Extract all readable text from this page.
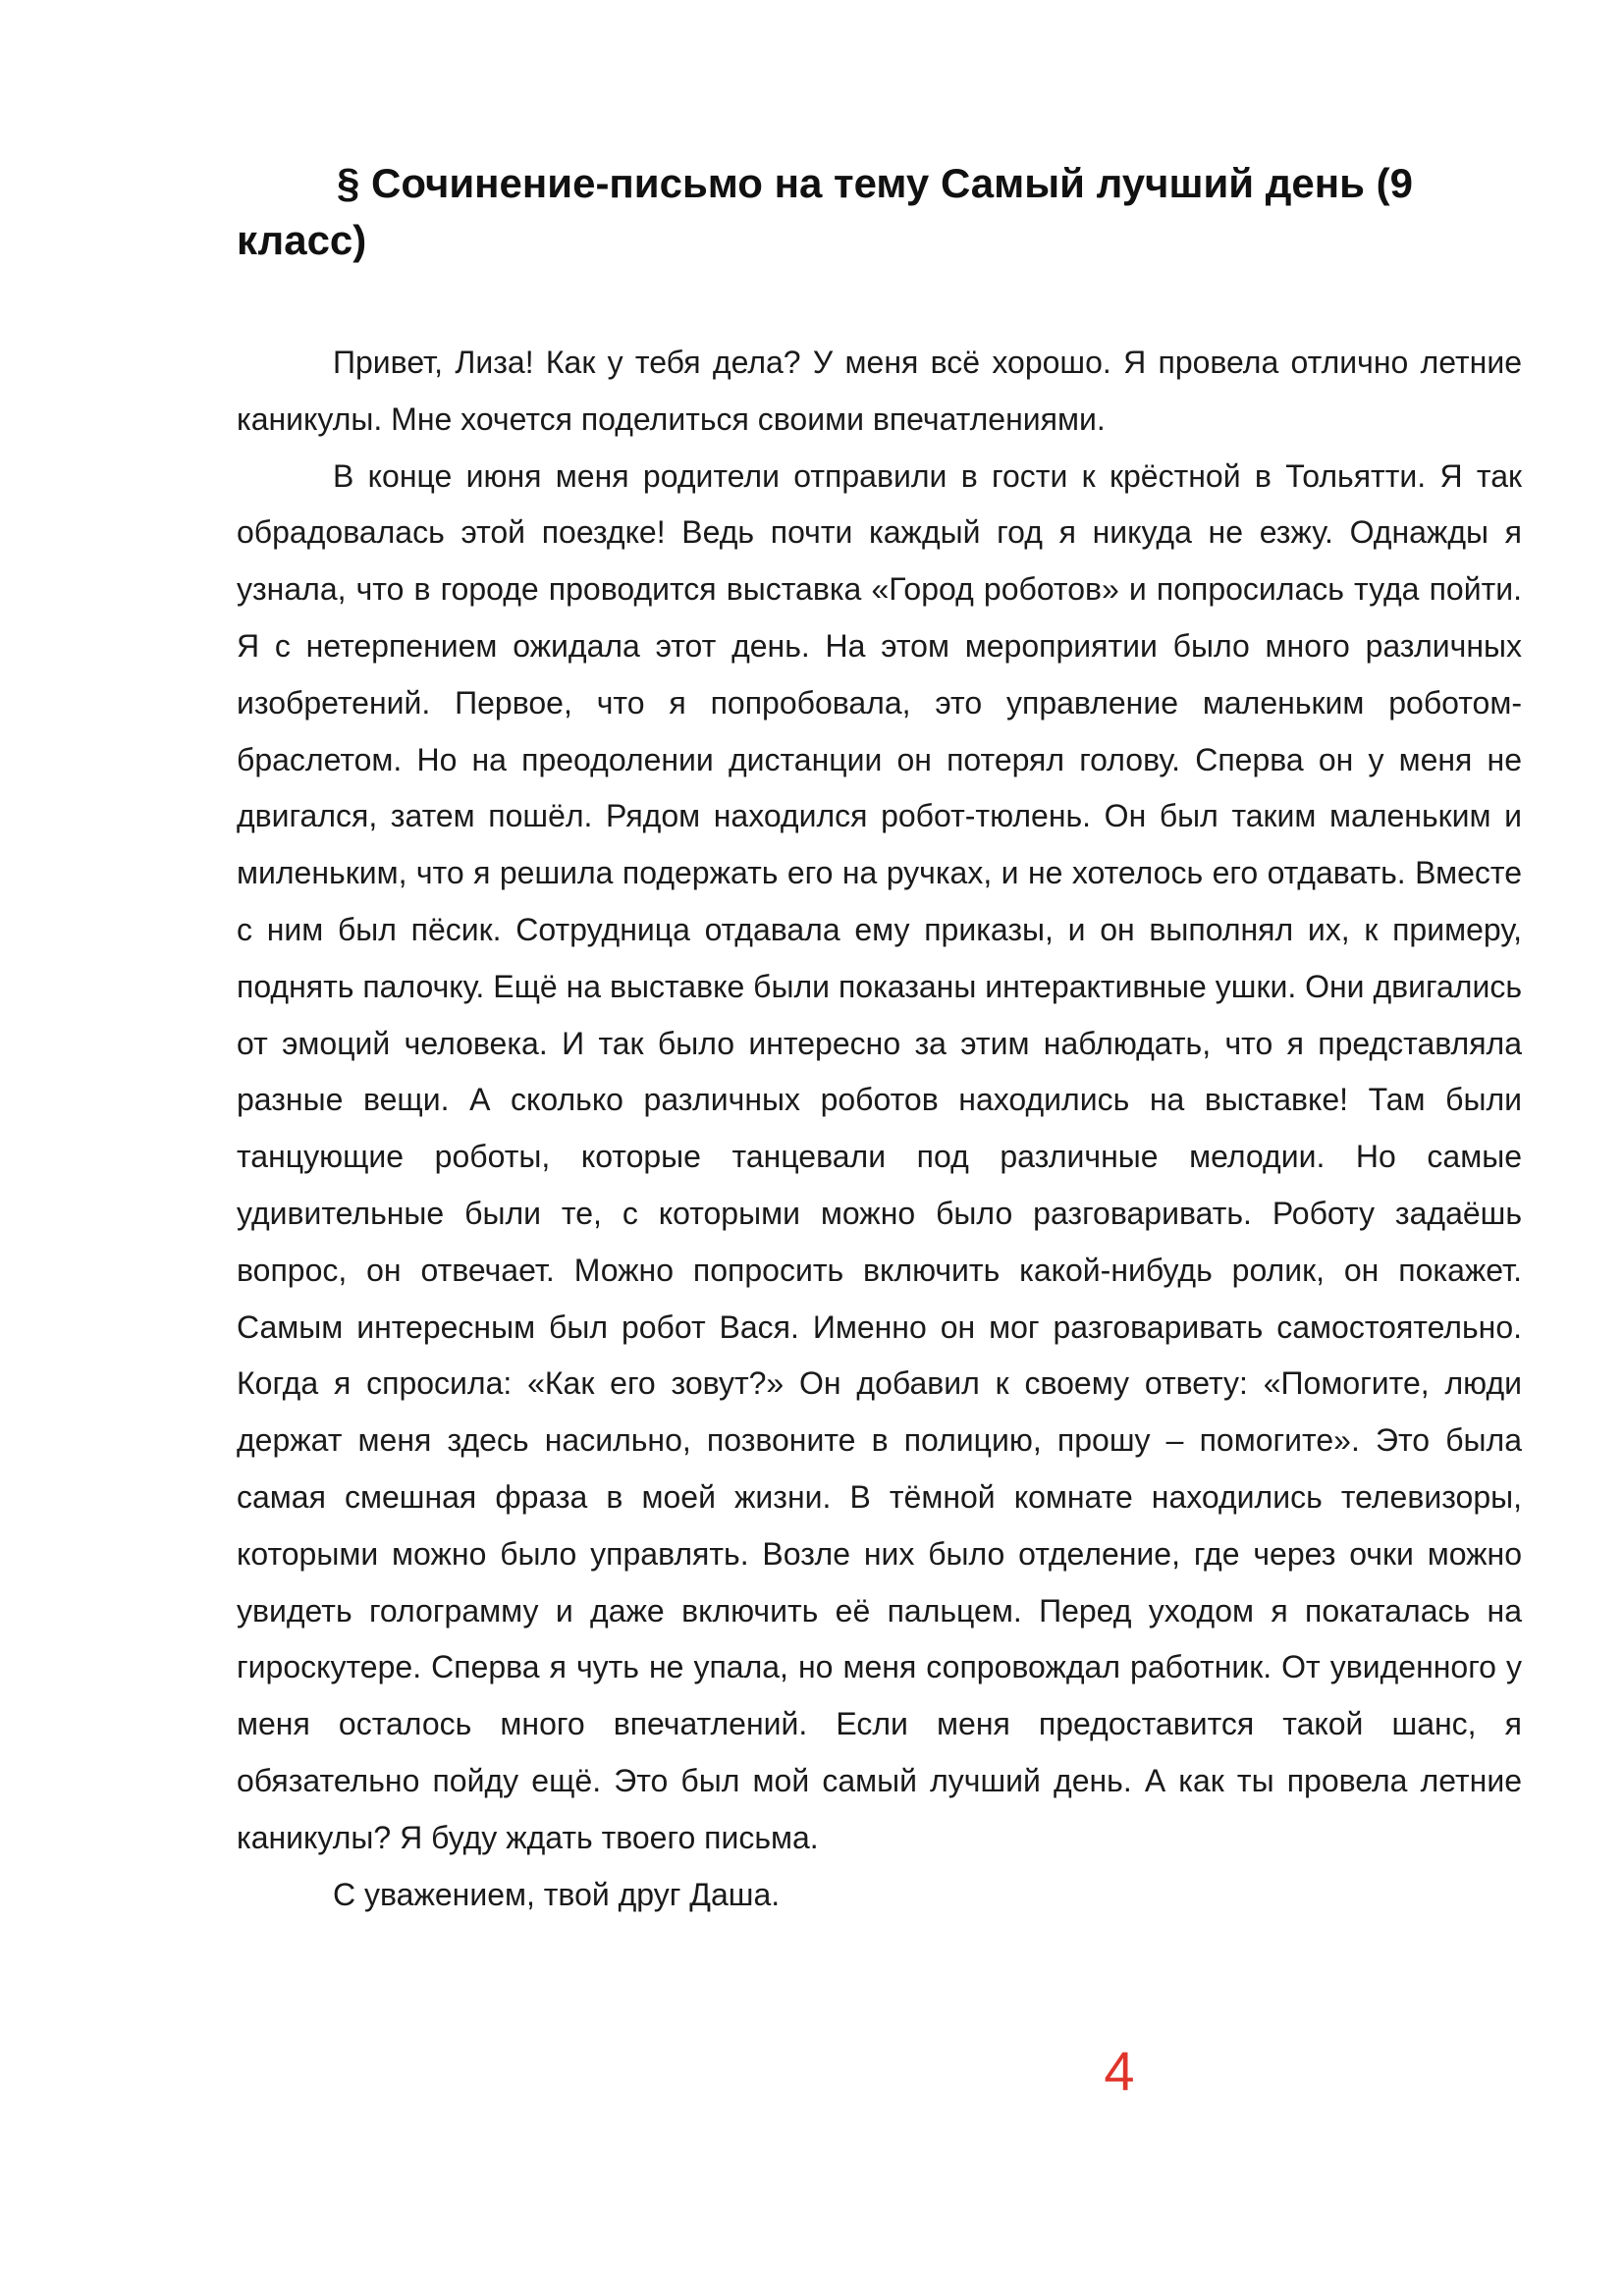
§ Сочинение-письмо на тему Самый лучший день (9 класс)

Привет, Лиза! Как у тебя дела? У меня всё хорошо. Я провела отлично летние каникулы. Мне хочется поделиться своими впечатлениями.

В конце июня меня родители отправили в гости к крёстной в Тольятти. Я так обрадовалась этой поездке! Ведь почти каждый год я никуда не езжу. Однажды я узнала, что в городе проводится выставка «Город роботов» и попросилась туда пойти. Я с нетерпением ожидала этот день. На этом мероприятии было много различных изобретений. Первое, что я попробовала, это управление маленьким роботом-браслетом. Но на преодолении дистанции он потерял голову. Сперва он у меня не двигался, затем пошёл. Рядом находился робот-тюлень. Он был таким маленьким и миленьким, что я решила подержать его на ручках, и не хотелось его отдавать. Вместе с ним был пёсик. Сотрудница отдавала ему приказы, и он выполнял их, к примеру, поднять палочку. Ещё на выставке были показаны интерактивные ушки. Они двигались от эмоций человека. И так было интересно за этим наблюдать, что я представляла разные вещи. А сколько различных роботов находились на выставке! Там были танцующие роботы, которые танцевали под различные мелодии. Но самые удивительные были те, с которыми можно было разговаривать. Роботу задаёшь вопрос, он отвечает. Можно попросить включить какой-нибудь ролик, он покажет. Самым интересным был робот Вася. Именно он мог разговаривать самостоятельно. Когда я спросила: «Как его зовут?» Он добавил к своему ответу: «Помогите, люди держат меня здесь насильно, позвоните в полицию, прошу – помогите». Это была самая смешная фраза в моей жизни. В тёмной комнате находились телевизоры, которыми можно было управлять. Возле них было отделение, где через очки можно увидеть голограмму и даже включить её пальцем. Перед уходом я покаталась на гироскутере. Сперва я чуть не упала, но меня сопровождал работник. От увиденного у меня осталось много впечатлений. Если меня предоставится такой шанс, я обязательно пойду ещё. Это был мой самый лучший день. А как ты провела летние каникулы? Я буду ждать твоего письма.

С уважением, твой друг Даша.

4
